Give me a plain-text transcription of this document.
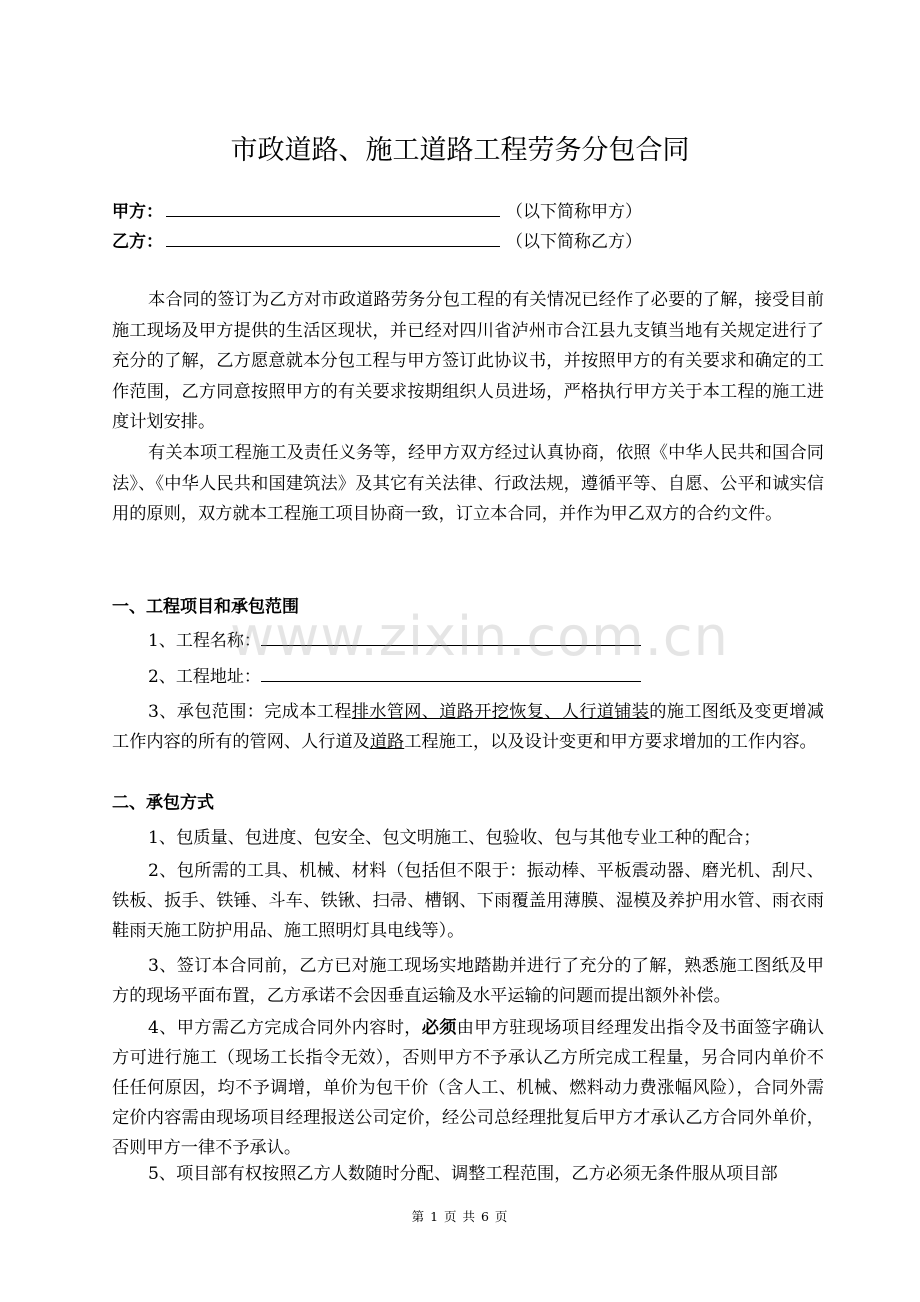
市政道路、施工道路工程劳务分包合同
甲方：	（以下简称甲方）
乙方：	（以下简称乙方）
本合同的签订为乙方对市政道路劳务分包工程的有关情况已经作了必要的了解，接受目前施工现场及甲方提供的生活区现状，并已经对四川省泸州市合江县九支镇当地有关规定进行了充分的了解，乙方愿意就本分包工程与甲方签订此协议书，并按照甲方的有关要求和确定的工作范围，乙方同意按照甲方的有关要求按期组织人员进场，严格执行甲方关于本工程的施工进度计划安排。
有关本项工程施工及责任义务等，经甲方双方经过认真协商，依照《中华人民共和国合同法》、《中华人民共和国建筑法》及其它有关法律、行政法规，遵循平等、自愿、公平和诚实信用的原则，双方就本工程施工项目协商一致，订立本合同，并作为甲乙双方的合约文件。
一、工程项目和承包范围
1、工程名称：
2、工程地址：
3、承包范围：完成本工程排水管网、道路开挖恢复、人行道铺装的施工图纸及变更增减工作内容的所有的管网、人行道及道路工程施工，以及设计变更和甲方要求增加的工作内容。
二、承包方式
1、包质量、包进度、包安全、包文明施工、包验收、包与其他专业工种的配合；
2、包所需的工具、机械、材料（包括但不限于：振动棒、平板震动器、磨光机、刮尺、铁板、扳手、铁锤、斗车、铁锹、扫帚、槽钢、下雨覆盖用薄膜、湿模及养护用水管、雨衣雨鞋雨天施工防护用品、施工照明灯具电线等）。
3、签订本合同前，乙方已对施工现场实地踏勘并进行了充分的了解，熟悉施工图纸及甲方的现场平面布置，乙方承诺不会因垂直运输及水平运输的问题而提出额外补偿。
4、甲方需乙方完成合同外内容时，必须由甲方驻现场项目经理发出指令及书面签字确认方可进行施工（现场工长指令无效），否则甲方不予承认乙方所完成工程量，另合同内单价不任任何原因，均不予调增，单价为包干价（含人工、机械、燃料动力费涨幅风险），合同外需定价内容需由现场项目经理报送公司定价，经公司总经理批复后甲方才承认乙方合同外单价，否则甲方一律不予承认。
5、项目部有权按照乙方人数随时分配、调整工程范围，乙方必须无条件服从项目部
www.zixin.com.cn
第 1 页 共 6 页
